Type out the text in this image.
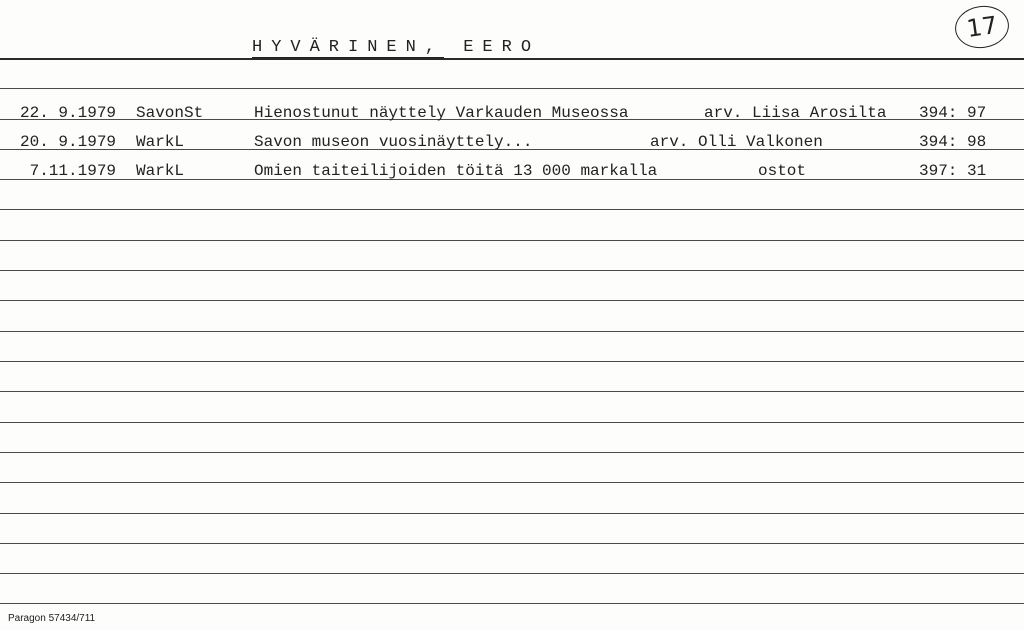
HYVÄRINEN, EERO
17
22. 9.1979 SavonSt	Hienostunut näyttely Varkauden Museossa	arv. Liisa Arosilta 394: 97
20. 9.1979 WarkL	Savon museon vuosinäyttely...	arv. Olli Valkonen	394: 98
7.11.1979 WarkL	Omien taiteilijoiden töitä 13 000 markalla	ostot	397: 31
Paragon 57434/711
